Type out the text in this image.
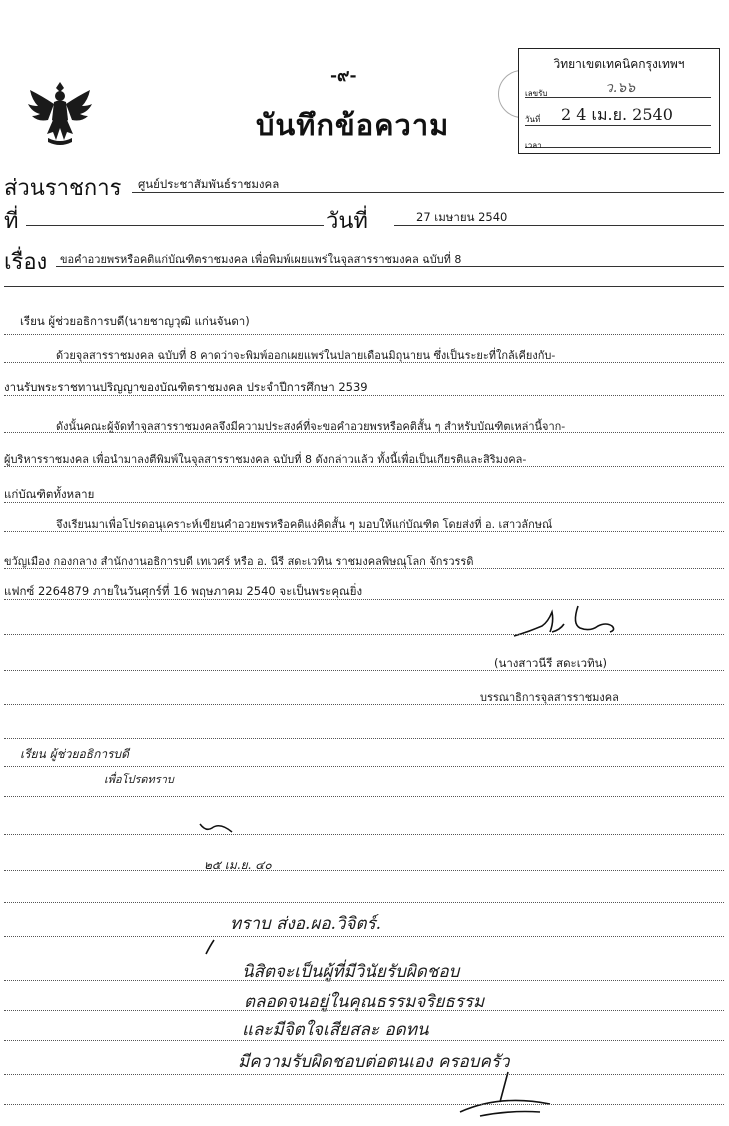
-๙-
บันทึกข้อความ
วิทยาเขตเทคนิคกรุงเทพฯ
เลขรับ	ว.๖๖
วันที่ 2 4 เม.ย. 2540
เวลา
ส่วนราชการ ศูนย์ประชาสัมพันธ์ราชมงคล
ที่	วันที่	27 เมษายน 2540
เรื่อง ขอคำอวยพรหรือคติแก่บัณฑิตราชมงคล เพื่อพิมพ์เผยแพร่ในจุลสารราชมงคล ฉบับที่ 8
เรียน ผู้ช่วยอธิการบดี(นายชาญวุฒิ แก่นจันดา)
ด้วยจุลสารราชมงคล ฉบับที่ 8 คาดว่าจะพิมพ์ออกเผยแพร่ในปลายเดือนมิถุนายน ซึ่งเป็นระยะที่ใกล้เคียงกับ-
งานรับพระราชทานปริญญาของบัณฑิตราชมงคล ประจำปีการศึกษา 2539
ดังนั้นคณะผู้จัดทำจุลสารราชมงคลจึงมีความประสงค์ที่จะขอคำอวยพรหรือคติสั้น ๆ สำหรับบัณฑิตเหล่านี้จาก-
ผู้บริหารราชมงคล เพื่อนำมาลงตีพิมพ์ในจุลสารราชมงคล ฉบับที่ 8 ดังกล่าวแล้ว ทั้งนี้เพื่อเป็นเกียรติและสิริมงคล-
แก่บัณฑิตทั้งหลาย
จึงเรียนมาเพื่อโปรดอนุเคราะห์เขียนคำอวยพรหรือคติแง่คิดสั้น ๆ มอบให้แก่บัณฑิต โดยส่งที่ อ. เสาวลักษณ์
ขวัญเมือง กองกลาง สำนักงานอธิการบดี เทเวศร์ หรือ อ. นีรี สดะเวทิน ราชมงคลพิษณุโลก จักรวรรดิ
แฟกซ์ 2264879 ภายในวันศุกร์ที่ 16 พฤษภาคม 2540 จะเป็นพระคุณยิ่ง
(นางสาวนีรี สดะเวทิน)
บรรณาธิการจุลสารราชมงคล
เรียน ผู้ช่วยอธิการบดี
เพื่อโปรดทราบ
๒๕ เม.ย. ๔๐
ทราบ ส่งอ.ผอ.วิจิตร์.
นิสิตจะเป็นผู้ที่มีวินัยรับผิดชอบ
ตลอดจนอยู่ในคุณธรรมจริยธรรม
และมีจิตใจเสียสละ อดทน
มีความรับผิดชอบต่อตนเอง ครอบครัว
